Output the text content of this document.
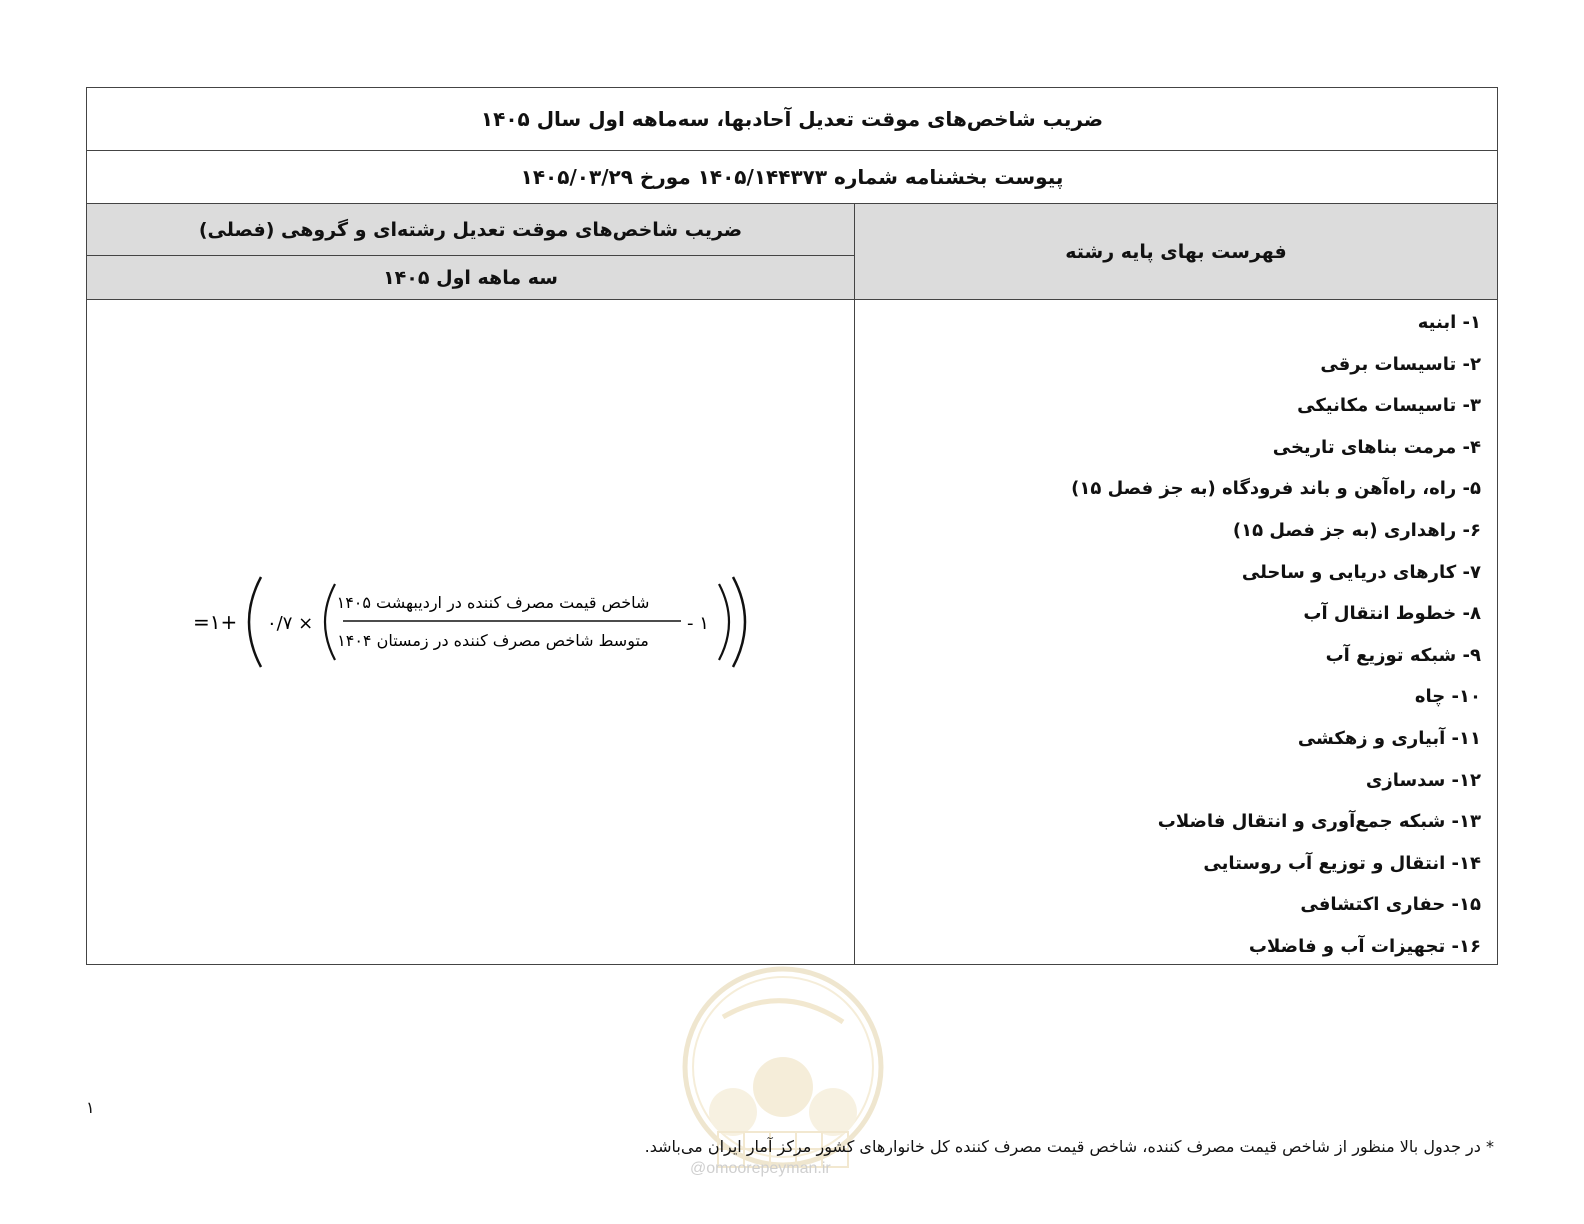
ضریب شاخص‌های موقت تعدیل آحادبها، سه‌ماهه اول سال ۱۴۰۵
پیوست بخشنامه شماره ۱۴۰۵/۱۴۴۳۷۳ مورخ ۱۴۰۵/۰۳/۲۹
فهرست بهای پایه رشته
ضریب شاخص‌های موقت تعدیل رشته‌ای و گروهی (فصلی)
سه ماهه اول ۱۴۰۵
۱- ابنیه
۲- تاسیسات برقی
۳- تاسیسات مکانیکی
۴- مرمت بناهای تاریخی
۵- راه، راه‌آهن و باند فرودگاه (به جز فصل ۱۵)
۶- راهداری (به جز فصل ۱۵)
۷- کارهای دریایی و ساحلی
۸- خطوط انتقال آب
۹- شبکه توزیع آب
۱۰- چاه
۱۱- آبیاری و زهکشی
۱۲- سدسازی
۱۳- شبکه جمع‌آوری و انتقال فاضلاب
۱۴- انتقال و توزیع آب روستایی
۱۵- حفاری اکتشافی
۱۶- تجهیزات آب و فاضلاب
=۱+ ۰/۷ ×
شاخص قیمت مصرف کننده در اردیبهشت ۱۴۰۵
متوسط شاخص مصرف کننده در زمستان ۱۴۰۴
- ۱
@omoorepeyman.ir
۱
* در جدول بالا منظور از شاخص قیمت مصرف کننده، شاخص قیمت مصرف کننده کل خانوارهای کشور مرکز آمار ایران می‌باشد.
